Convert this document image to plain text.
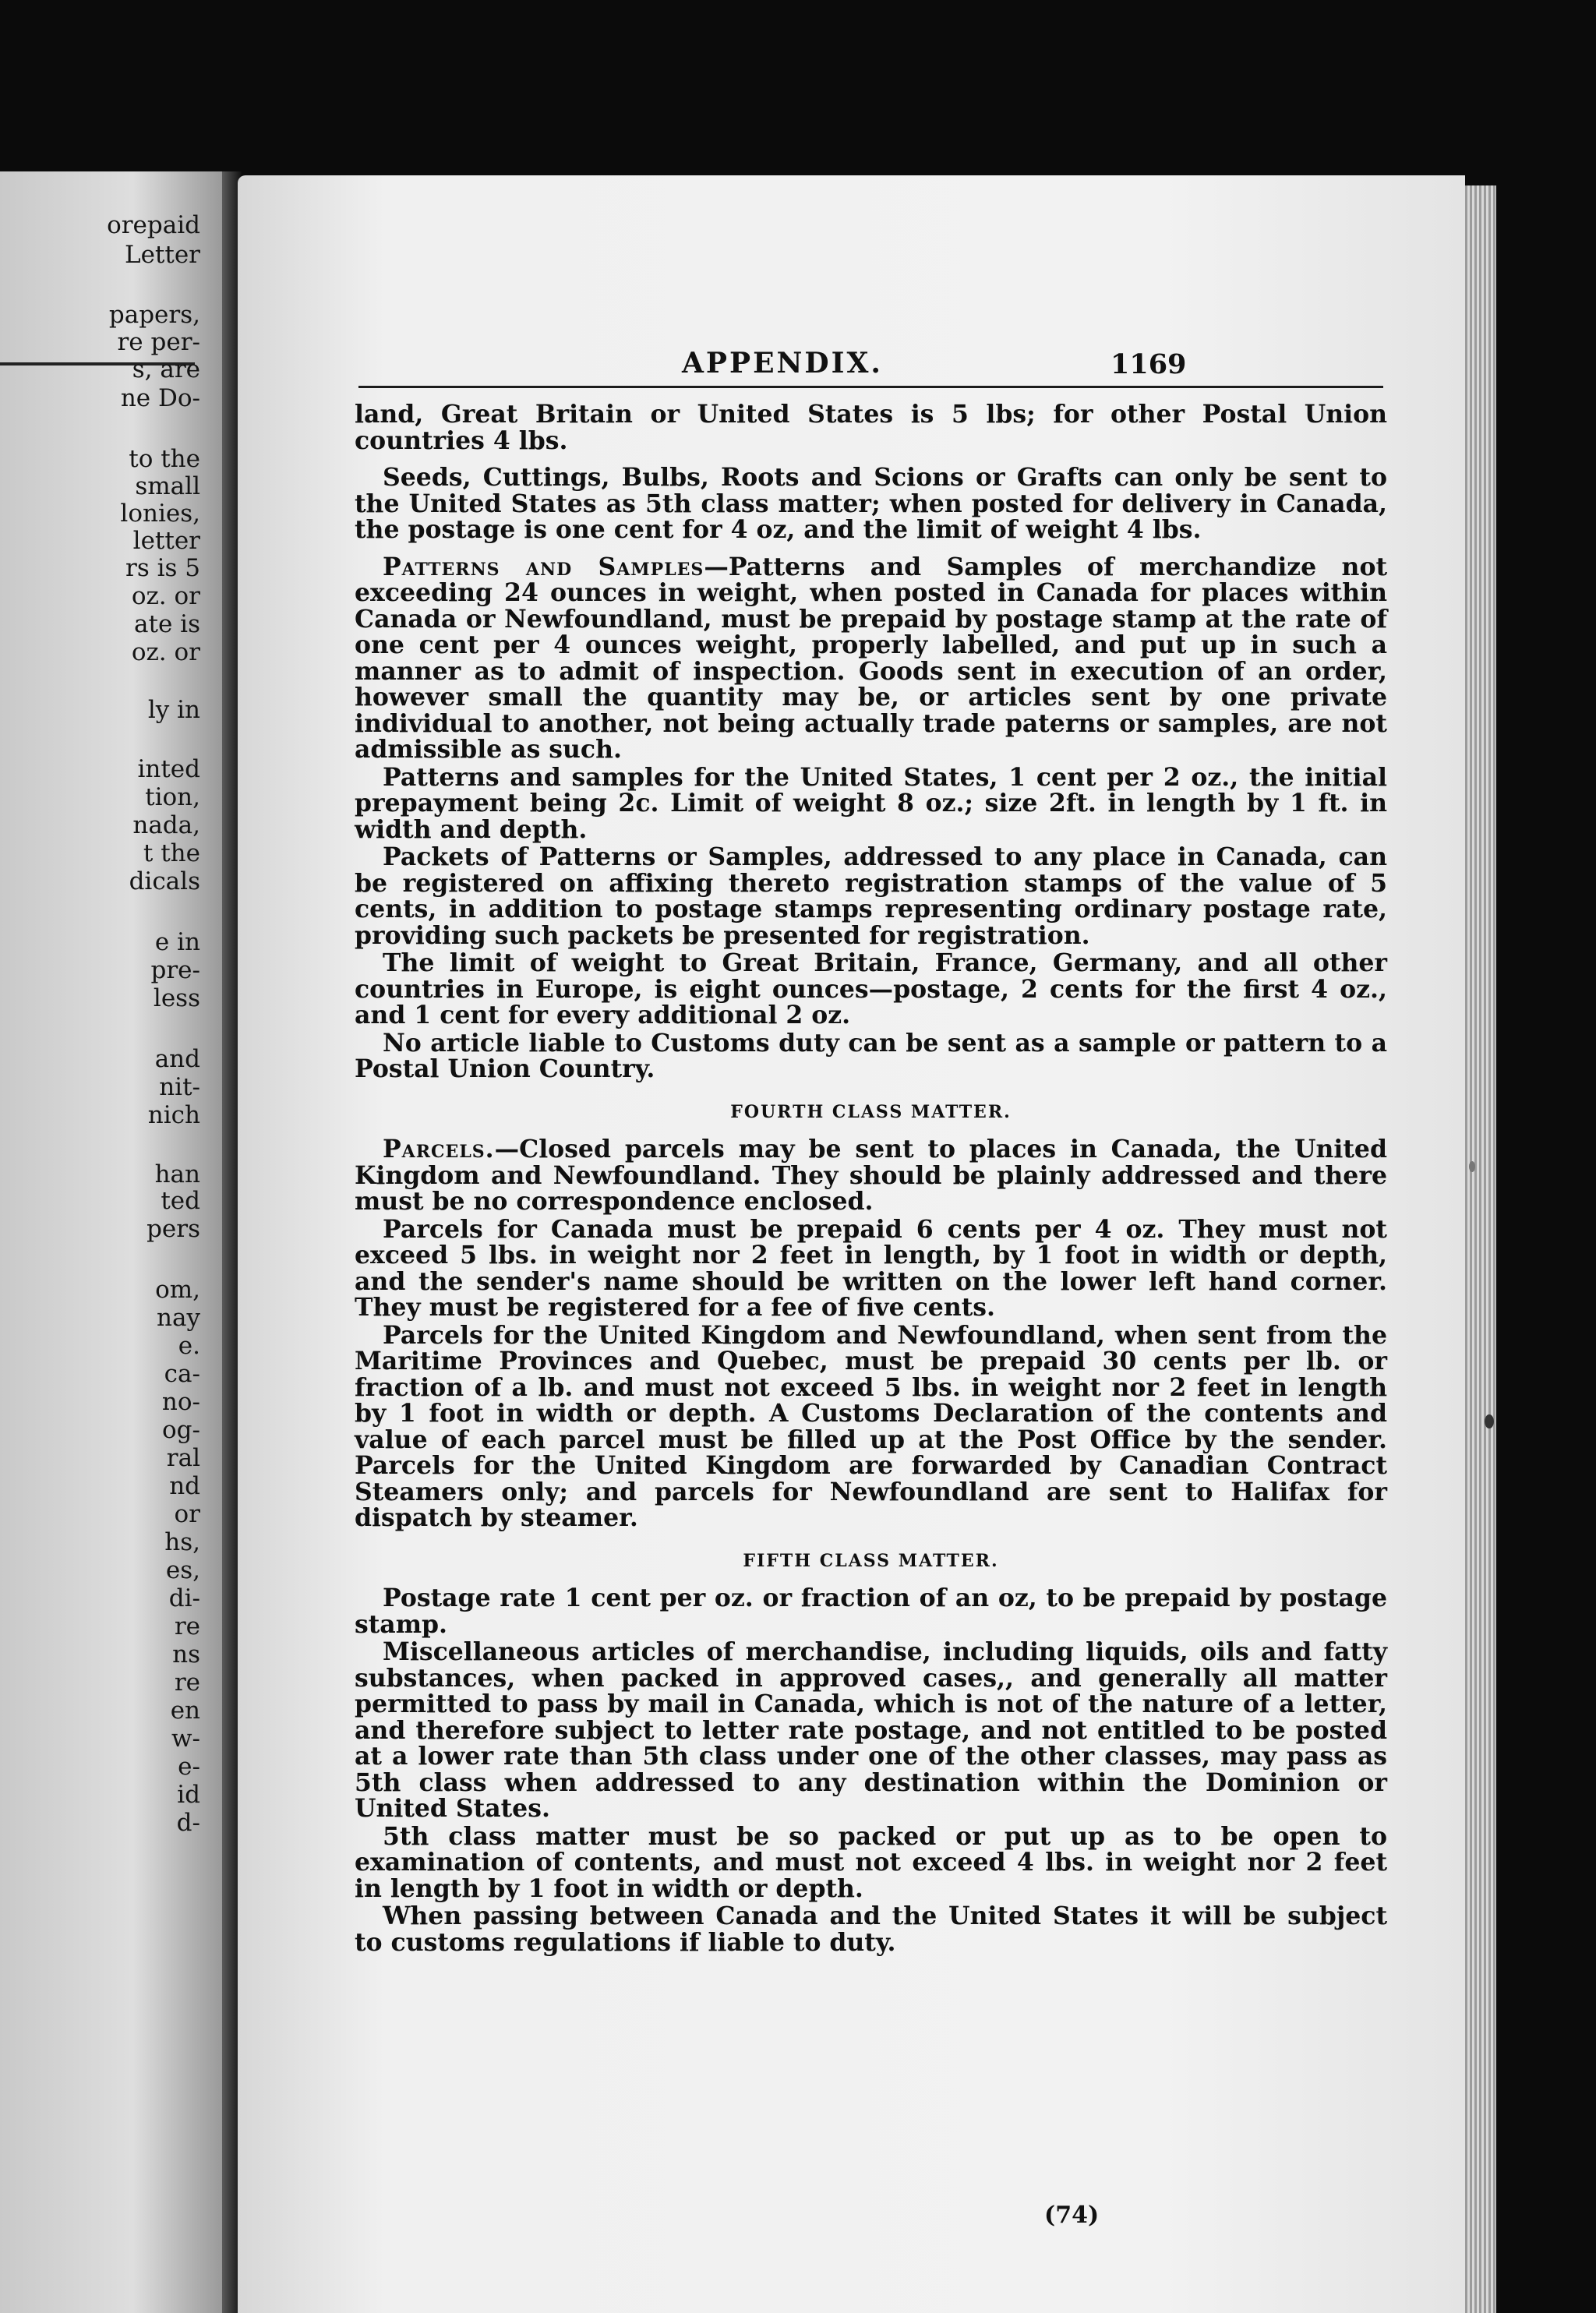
orepaid

Letter

papers,

re per-

s, are

ne Do-

to the

small

lonies,

letter

rs is 5

oz. or

ate is

oz. or

ly in

inted

tion,

nada,

t the

dicals

e in

pre-

less

and

nit-

nich

han

ted

pers

om,

nay

e.

ca-

no-

og-

ral

nd

or

hs,

es,

di-

re

ns

re

en

w-

e-

id

d-

APPENDIX.	1169

land, Great Britain or United States is 5 lbs; for other Postal Union countries 4 lbs.

Seeds, Cuttings, Bulbs, Roots and Scions or Grafts can only be sent to the United States as 5th class matter; when posted for delivery in Canada, the postage is one cent for 4 oz, and the limit of weight 4 lbs.

Patterns and Samples—Patterns and Samples of merchandize not exceeding 24 ounces in weight, when posted in Canada for places within Canada or Newfoundland, must be prepaid by postage stamp at the rate of one cent per 4 ounces weight, properly labelled, and put up in such a manner as to admit of inspection. Goods sent in execution of an order, however small the quantity may be, or articles sent by one private individual to another, not being actually trade paterns or samples, are not admissible as such.

Patterns and samples for the United States, 1 cent per 2 oz., the initial prepayment being 2c. Limit of weight 8 oz.; size 2ft. in length by 1 ft. in width and depth.

Packets of Patterns or Samples, addressed to any place in Canada, can be registered on affixing thereto registration stamps of the value of 5 cents, in addition to postage stamps representing ordinary postage rate, providing such packets be presented for registration.

The limit of weight to Great Britain, France, Germany, and all other countries in Europe, is eight ounces—postage, 2 cents for the first 4 oz., and 1 cent for every additional 2 oz.

No article liable to Customs duty can be sent as a sample or pattern to a Postal Union Country.

FOURTH CLASS MATTER.

Parcels.—Closed parcels may be sent to places in Canada, the United Kingdom and Newfoundland. They should be plainly addressed and there must be no correspondence enclosed.

Parcels for Canada must be prepaid 6 cents per 4 oz. They must not exceed 5 lbs. in weight nor 2 feet in length, by 1 foot in width or depth, and the sender's name should be written on the lower left hand corner. They must be registered for a fee of five cents.

Parcels for the United Kingdom and Newfoundland, when sent from the Maritime Provinces and Quebec, must be prepaid 30 cents per lb. or fraction of a lb. and must not exceed 5 lbs. in weight nor 2 feet in length by 1 foot in width or depth. A Customs Declaration of the contents and value of each parcel must be filled up at the Post Office by the sender. Parcels for the United Kingdom are forwarded by Canadian Contract Steamers only; and parcels for Newfoundland are sent to Halifax for dispatch by steamer.

FIFTH CLASS MATTER.

Postage rate 1 cent per oz. or fraction of an oz, to be prepaid by postage stamp.

Miscellaneous articles of merchandise, including liquids, oils and fatty substances, when packed in approved cases,, and generally all matter permitted to pass by mail in Canada, which is not of the nature of a letter, and therefore subject to letter rate postage, and not entitled to be posted at a lower rate than 5th class under one of the other classes, may pass as 5th class when addressed to any destination within the Dominion or United States.

5th class matter must be so packed or put up as to be open to examination of contents, and must not exceed 4 lbs. in weight nor 2 feet in length by 1 foot in width or depth.

When passing between Canada and the United States it will be subject to customs regulations if liable to duty.

(74)
